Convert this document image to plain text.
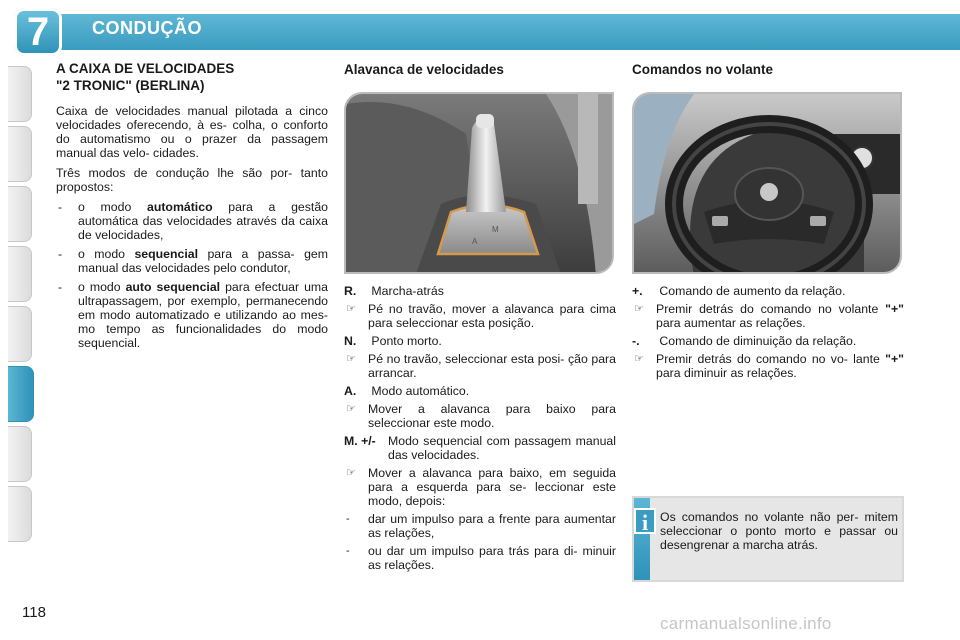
7	CONDUÇÃO
A CAIXA DE VELOCIDADES
"2 TRONIC" (BERLINA)

Caixa de velocidades manual pilotada a cinco velocidades oferecendo, à es- colha, o conforto do automatismo ou o prazer da passagem manual das velo- cidades.

Três modos de condução lhe são por- tanto propostos:

- o modo automático para a gestão automática das velocidades através da caixa de velocidades,
- o modo sequencial para a passa- gem manual das velocidades pelo condutor,
- o modo auto sequencial para efectuar uma ultrapassagem, por exemplo, permanecendo em modo automatizado e utilizando ao mes- mo tempo as funcionalidades do modo sequencial.
Alavanca de velocidades
A
M
R. Marcha-atrás
☞ Pé no travão, mover a alavanca para cima para seleccionar esta posição.
N. Ponto morto.
☞ Pé no travão, seleccionar esta posi- ção para arrancar.
A. Modo automático.
☞ Mover a alavanca para baixo para seleccionar este modo.
M. +/- Modo sequencial com passagem manual das velocidades.
☞ Mover a alavanca para baixo, em seguida para a esquerda para se- leccionar este modo, depois:
- dar um impulso para a frente para aumentar as relações,
- ou dar um impulso para trás para di- minuir as relações.
Comandos no volante
+. Comando de aumento da relação.
☞ Premir detrás do comando no volante "+" para aumentar as relações.
-. Comando de diminuição da relação.
☞ Premir detrás do comando no vo- lante "+" para diminuir as relações.
i Os comandos no volante não per- mitem seleccionar o ponto morto e passar ou desengrenar a marcha atrás.
118
carmanualsonline.info
